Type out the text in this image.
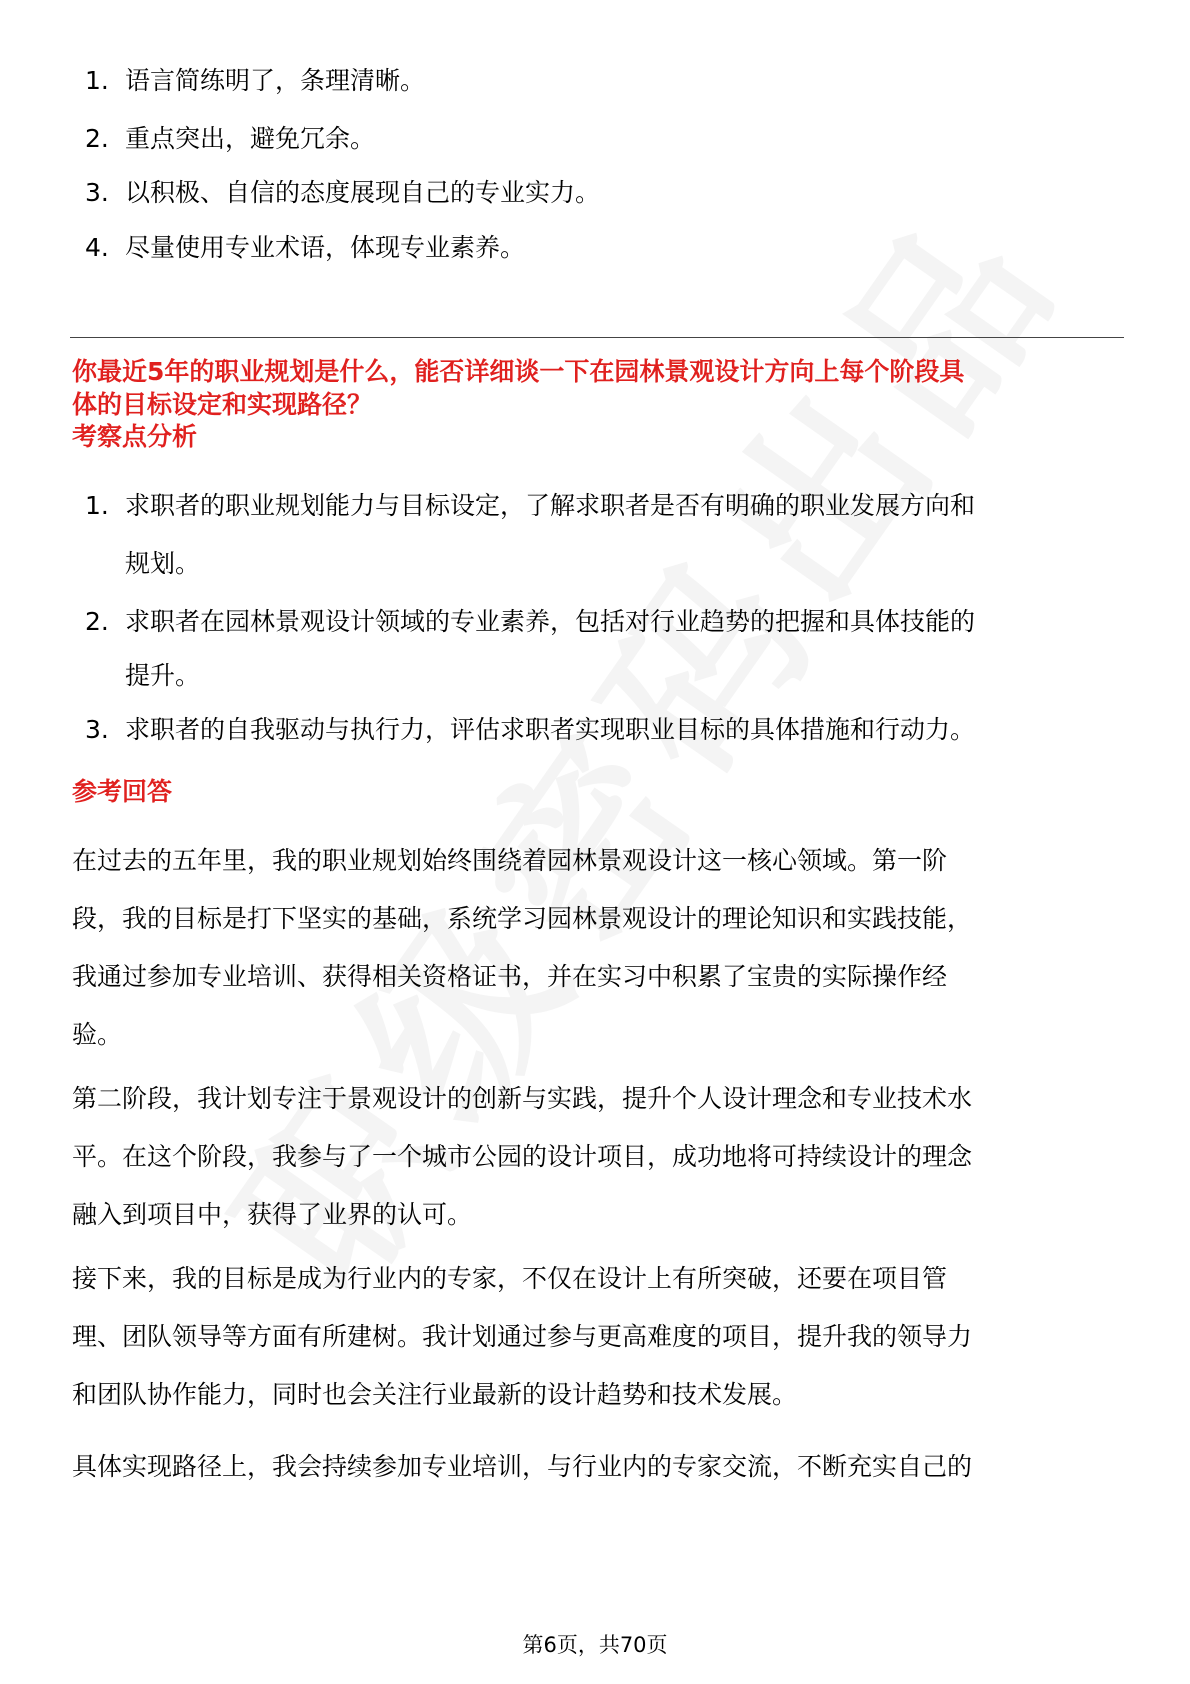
1. 语言简练明了，条理清晰。
2. 重点突出，避免冗余。
3. 以积极、自信的态度展现自己的专业实力。
4. 尽量使用专业术语，体现专业素养。
你最近5年的职业规划是什么，能否详细谈一下在园林景观设计方向上每个阶段具
体的目标设定和实现路径？
考察点分析
1. 求职者的职业规划能力与目标设定，了解求职者是否有明确的职业发展方向和
规划。
2. 求职者在园林景观设计领域的专业素养，包括对行业趋势的把握和具体技能的
提升。
3. 求职者的自我驱动与执行力，评估求职者实现职业目标的具体措施和行动力。
参考回答
在过去的五年里，我的职业规划始终围绕着园林景观设计这一核心领域。第一阶
段，我的目标是打下坚实的基础，系统学习园林景观设计的理论知识和实践技能，
我通过参加专业培训、获得相关资格证书，并在实习中积累了宝贵的实际操作经
验。
第二阶段，我计划专注于景观设计的创新与实践，提升个人设计理念和专业技术水
平。在这个阶段，我参与了一个城市公园的设计项目，成功地将可持续设计的理念
融入到项目中，获得了业界的认可。
接下来，我的目标是成为行业内的专家，不仅在设计上有所突破，还要在项目管
理、团队领导等方面有所建树。我计划通过参与更高难度的项目，提升我的领导力
和团队协作能力，同时也会关注行业最新的设计趋势和技术发展。
具体实现路径上，我会持续参加专业培训，与行业内的专家交流，不断充实自己的
第6页，共70页
